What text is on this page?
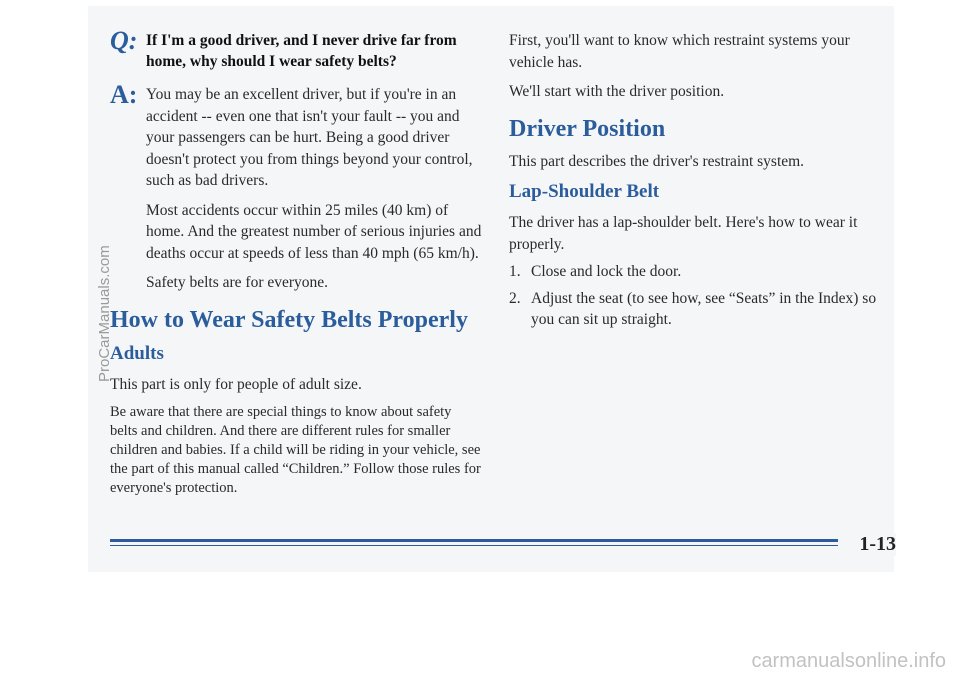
Q: If I'm a good driver, and I never drive far from home, why should I wear safety belts?
A: You may be an excellent driver, but if you're in an accident -- even one that isn't your fault -- you and your passengers can be hurt. Being a good driver doesn't protect you from things beyond your control, such as bad drivers.

Most accidents occur within 25 miles (40 km) of home. And the greatest number of serious injuries and deaths occur at speeds of less than 40 mph (65 km/h).

Safety belts are for everyone.

How to Wear Safety Belts Properly
Adults

This part is only for people of adult size.

Be aware that there are special things to know about safety belts and children. And there are different rules for smaller children and babies. If a child will be riding in your vehicle, see the part of this manual called “Children.” Follow those rules for everyone's protection.

First, you'll want to know which restraint systems your vehicle has.

We'll start with the driver position.

Driver Position

This part describes the driver's restraint system.

Lap-Shoulder Belt

The driver has a lap-shoulder belt. Here's how to wear it properly.

1. Close and lock the door.
2. Adjust the seat (to see how, see “Seats” in the Index) so you can sit up straight.
1-13
ProCarManuals.com
carmanualsonline.info
